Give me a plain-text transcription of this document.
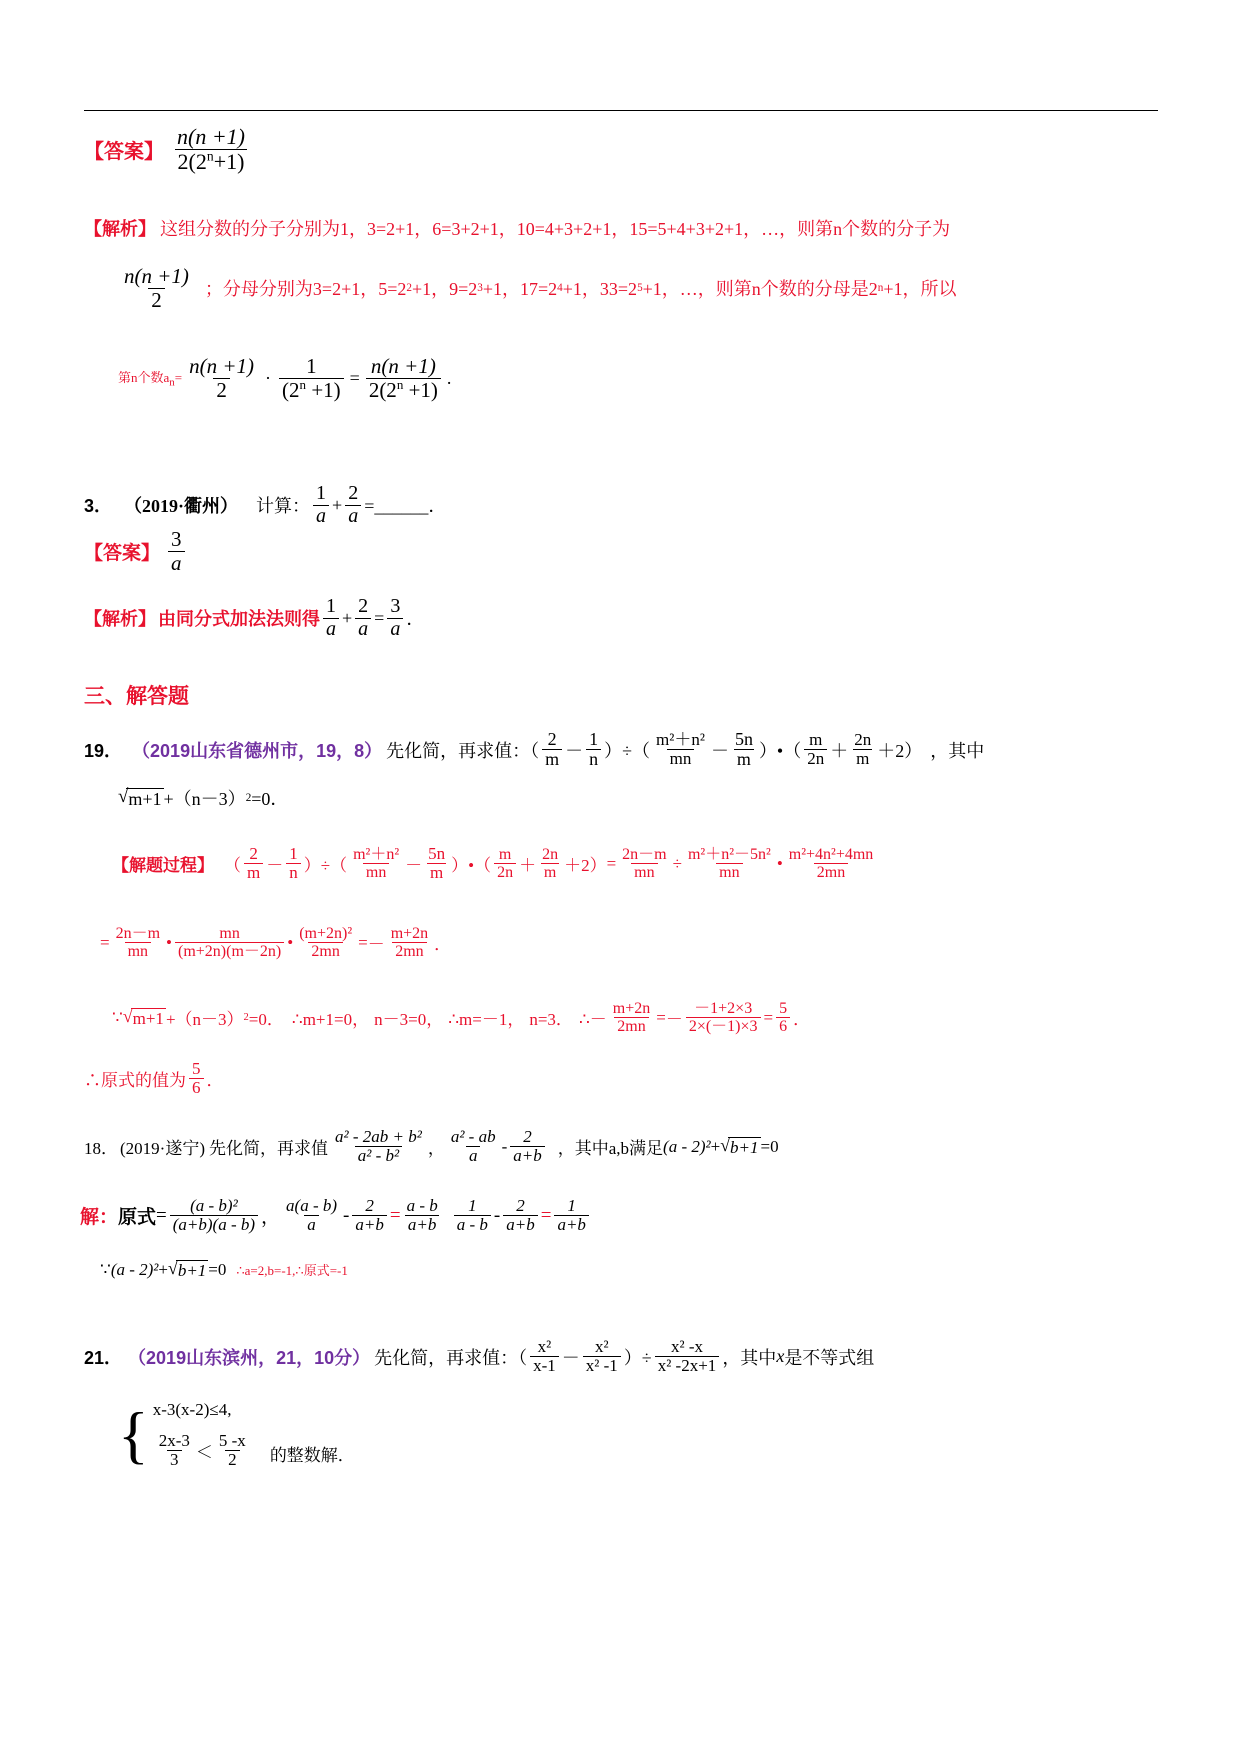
【答案】 $\frac{n(n +1)}{2(2^n+1)}$
【解析】 这组分数的分子分别为1，3=2+1，6=3+2+1，10=4+3+2+1，15=5+4+3+2+1，…，则第n个数的分子为
$\frac{n(n +1)}{2}$ ；分母分别为3=2+1，5=2 2 +1，9=2 3 +1，17=2 4 +1，33=2 5 +1，…，则第n个数的分母是2 n +1，所以
第n个数$a_n= \frac{n(n +1)}{2} \cdot \frac{1}{(2^n +1)} = \frac{n(n +1)}{2(2^n +1)}$ .
3． （2019·衢州） 计算： $\frac{1}{a} + \frac{2}{a}$ =______．
【答案】 $\frac{3}{a}$
【解析】 由同分式加法法则得 $\frac{1}{a} + \frac{2}{a} = \frac{3}{a}$ ．
三、解答题
19． （2019山东省德州市，19，8） 先化简，再求值：（ $\frac{2}{m} - \frac{1}{n}$ ）÷（ $\frac{\text{m²＋n²}}{mn} - \frac{5n}{m}$ ）•（ $\frac{m}{2n} + \frac{2n}{m} +2$） ，其中
√ m+1 +（n－3） 2 =0．
【解题过程】 （ $\frac{2}{m} - \frac{1}{n}$ ）÷（ $\frac{\text{m²＋n²}}{mn} - \frac{5n}{m}$ ）•（ $\frac{m}{2n} + \frac{2n}{m} +2) = \frac{2n-m}{mn} \div \frac{\text{m²＋n²－5n²}}{mn}$ • $\frac{\text{m²+4n²+4mn}}{2mn}$
= $\frac{2n-m}{mn}$ • $\frac{mn}{(m+2n)(m-2n)}$ • $\frac{\text{(m+2n)²}}{2mn}$ = － $\frac{m+2n}{2mn}$ ．
∵ √ m+1 +（n－3） 2 =0． ∴m+1=0， n－3=0， ∴m=－1， n=3． ∴－ $\frac{m+2n}{2mn}$ = － $\frac{-1+2\times 3}{2\times(-1)\times 3} = \frac{5}{6}$ ．
∴原式的值为 $\frac{5}{6}$ ．
18． (2019·遂宁) 先化简，再求值 $\frac{\text{a² - 2ab + b²}}{\text{a² - b²}}$ ， $\frac{\text{a² - ab}}{a} - \frac{2}{a+b}$ ，其中a,b满足 (a - 2)² + √ b+1 =0
解： 原式 = $\frac{\text{(a - b)²}}{(a+b)(a - b)}$ ， $\frac{a(a - b)}{a} - \frac{2}{a+b} = \frac{a - b}{a+b} \frac{1}{a - b} - \frac{2}{a+b} = \frac{1}{a+b}$
∵ (a - 2)² + √ b+1 =0 ∴a=2,b=-1,∴原式=-1
21． （2019山东滨州，21，10分） 先化简，再求值：（ $\frac{\text{x²}}{x-1} - \frac{\text{x²}}{\text{x² -1}}$ ）÷ $\frac{\text{x² -x}}{\text{x² -2x+1}}$ ，其中 x 是不等式组
{ x-3(x-2)≤4,
$\frac{2x-3}{3} < \frac{5 -x}{2}$ 的整数解．
